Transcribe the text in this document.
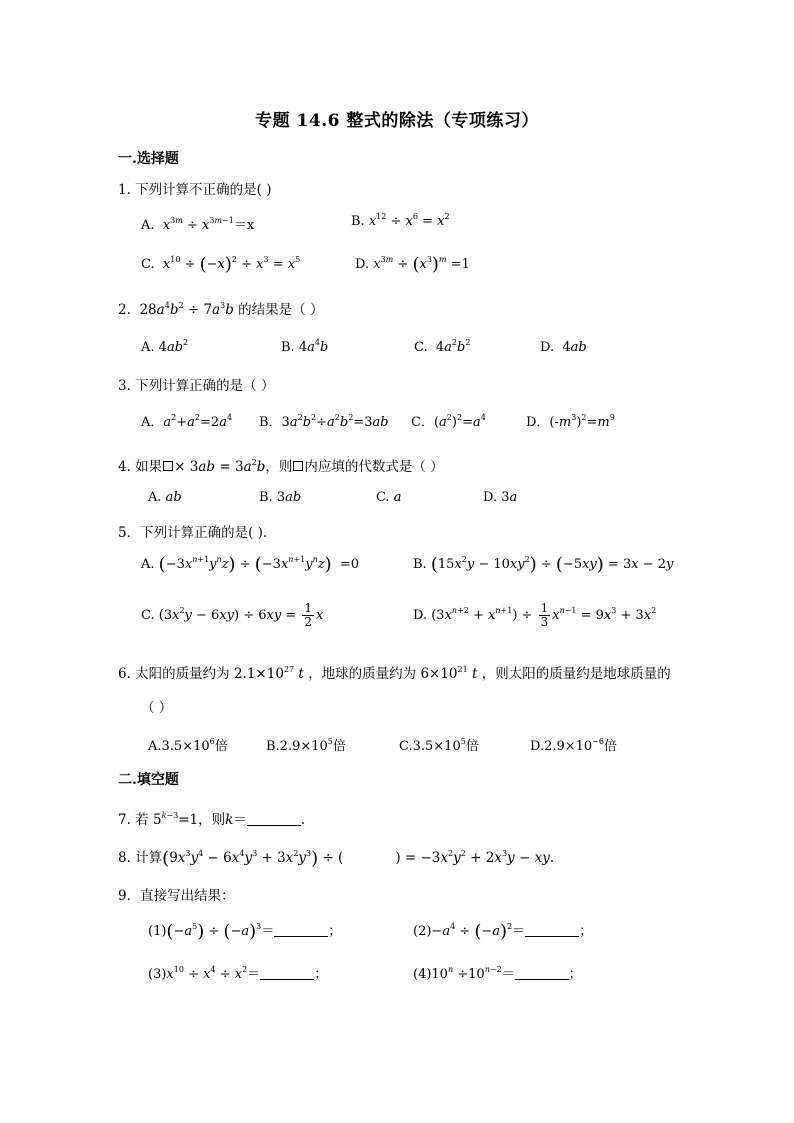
专题 14.6 整式的除法（专项练习）
一.选择题
1. 下列计算不正确的是( )
A.  $x^{3m} \div x^{3m-1}=x$	B. $x^{12} \div x^6 = x^2$
C.  $x^{10} \div (-x)^2 \div x^3 = x^5$	D. $x^{3m} \div (x^3)^m =1$
2.  $28a^4b^2 \div 7a^3b$ 的结果是（ ）
A. $4ab^2$	B. $4a^4b$	C.  $4a^2b^2$	D.  4ab
3. 下列计算正确的是（ ）
A．$a^2+a^2=2a^4$ B．$3a^2b^2\div a^2b^2=3ab$ C．$(a^2)^2=a^4$	D．$(-m^3)^2=m^9$
4. 如果 × $3ab = 3a^2b$，则 内应填的代数式是（ ）
A. ab	B. 3ab	C. a	D. 3a
5．下列计算正确的是( ).
A. $(-3x^{n+1}y^nz) \div (-3x^{n+1}y^nz) =0$	B. $(15x^2y - 10xy^2) \div (-5xy) = 3x - 2y$
C. $(3x^2y - 6xy) \div 6xy = \frac{1}{2}$ x	D. $(3x^{n+2} + x^{n+1}) \div \frac{1}{3} x^{n-1} = 9x^3 + 3x^2$
6. 太阳的质量约为 $2.1\times 10^{27}$ t ，地球的质量约为 $6\times 10^{21}$ t ，则太阳的质量约是地球质量的
（ ）
$A.3.5\times 10^6$倍	$B.2.9\times 10^5$倍	$C.3.5\times 10^5$倍	$D.2.9\times 10^{-6}$倍
二.填空题
7. 若 $5^{k-3}=1$，则k＝	.
8. 计算$(9x^3y^4 - 6x^4y^3 + 3x^2y^3)$ ÷ (	) = $-3x^2y^2 + 2x^3y$ − xy.
9．直接写出结果：
$(1)(-a^5) \div (-a)^3=$	；	$(2)-a^4 \div (-a)^2=$	；
$(3)x^{10} \div x^4 \div x^2=$	；	$(4)10^n \div 10^{n-2}=$	；
